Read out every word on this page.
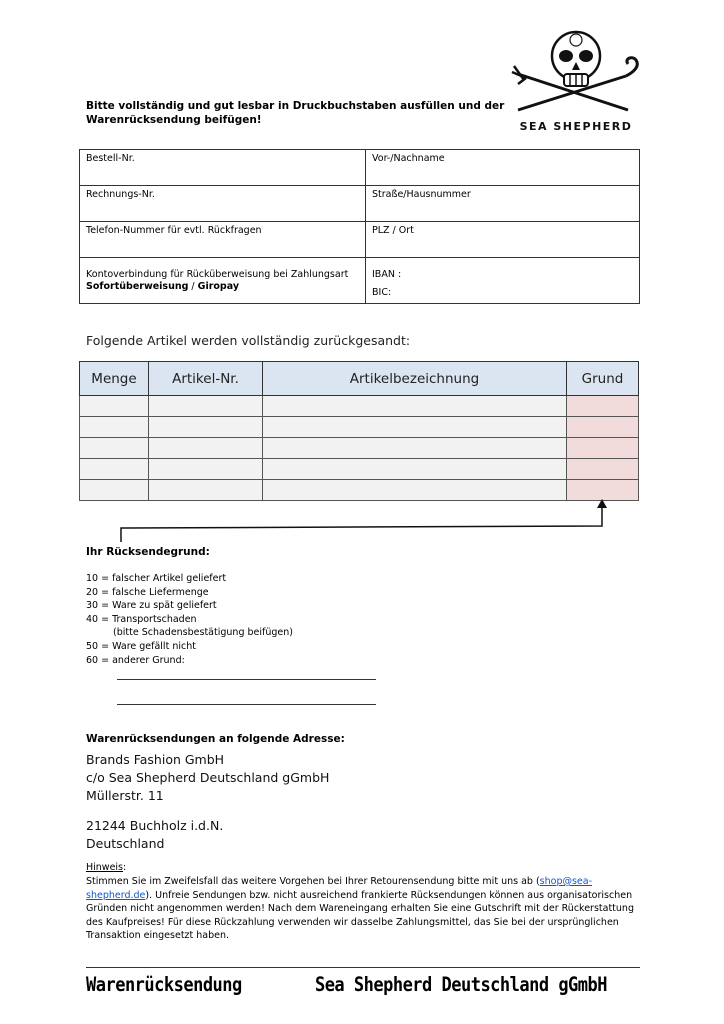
SEA SHEPHERD
Bitte vollständig und gut lesbar in Druckbuchstaben ausfüllen und der Warenrücksendung beifügen!
Bestell-Nr.	Vor-/Nachname
Rechnungs-Nr.	Straße/Hausnummer
Telefon-Nummer für evtl. Rückfragen	PLZ / Ort
Kontoverbindung für Rücküberweisung bei Zahlungsart Sofortüberweisung / Giropay	IBAN :
BIC:
Folgende Artikel werden vollständig zurückgesandt:
Menge	Artikel-Nr.	Artikelbezeichnung	Grund

Ihr Rücksendegrund:
10 = falscher Artikel geliefert
20 = falsche Liefermenge
30 = Ware zu spät geliefert
40 = Transportschaden
(bitte Schadensbestätigung beifügen)
50 = Ware gefällt nicht
60 = anderer Grund:
Warenrücksendungen an folgende Adresse:
Brands Fashion GmbH
c/o Sea Shepherd Deutschland gGmbH
Müllerstr. 11
21244 Buchholz i.d.N.
Deutschland
Hinweis:
Stimmen Sie im Zweifelsfall das weitere Vorgehen bei Ihrer Retourensendung bitte mit uns ab (shop@sea-shepherd.de). Unfreie Sendungen bzw. nicht ausreichend frankierte Rücksendungen können aus organisatorischen Gründen nicht angenommen werden! Nach dem Wareneingang erhalten Sie eine Gutschrift mit der Rückerstattung des Kaufpreises! Für diese Rückzahlung verwenden wir dasselbe Zahlungsmittel, das Sie bei der ursprünglichen Transaktion eingesetzt haben.
Warenrücksendung	Sea Shepherd Deutschland gGmbH
